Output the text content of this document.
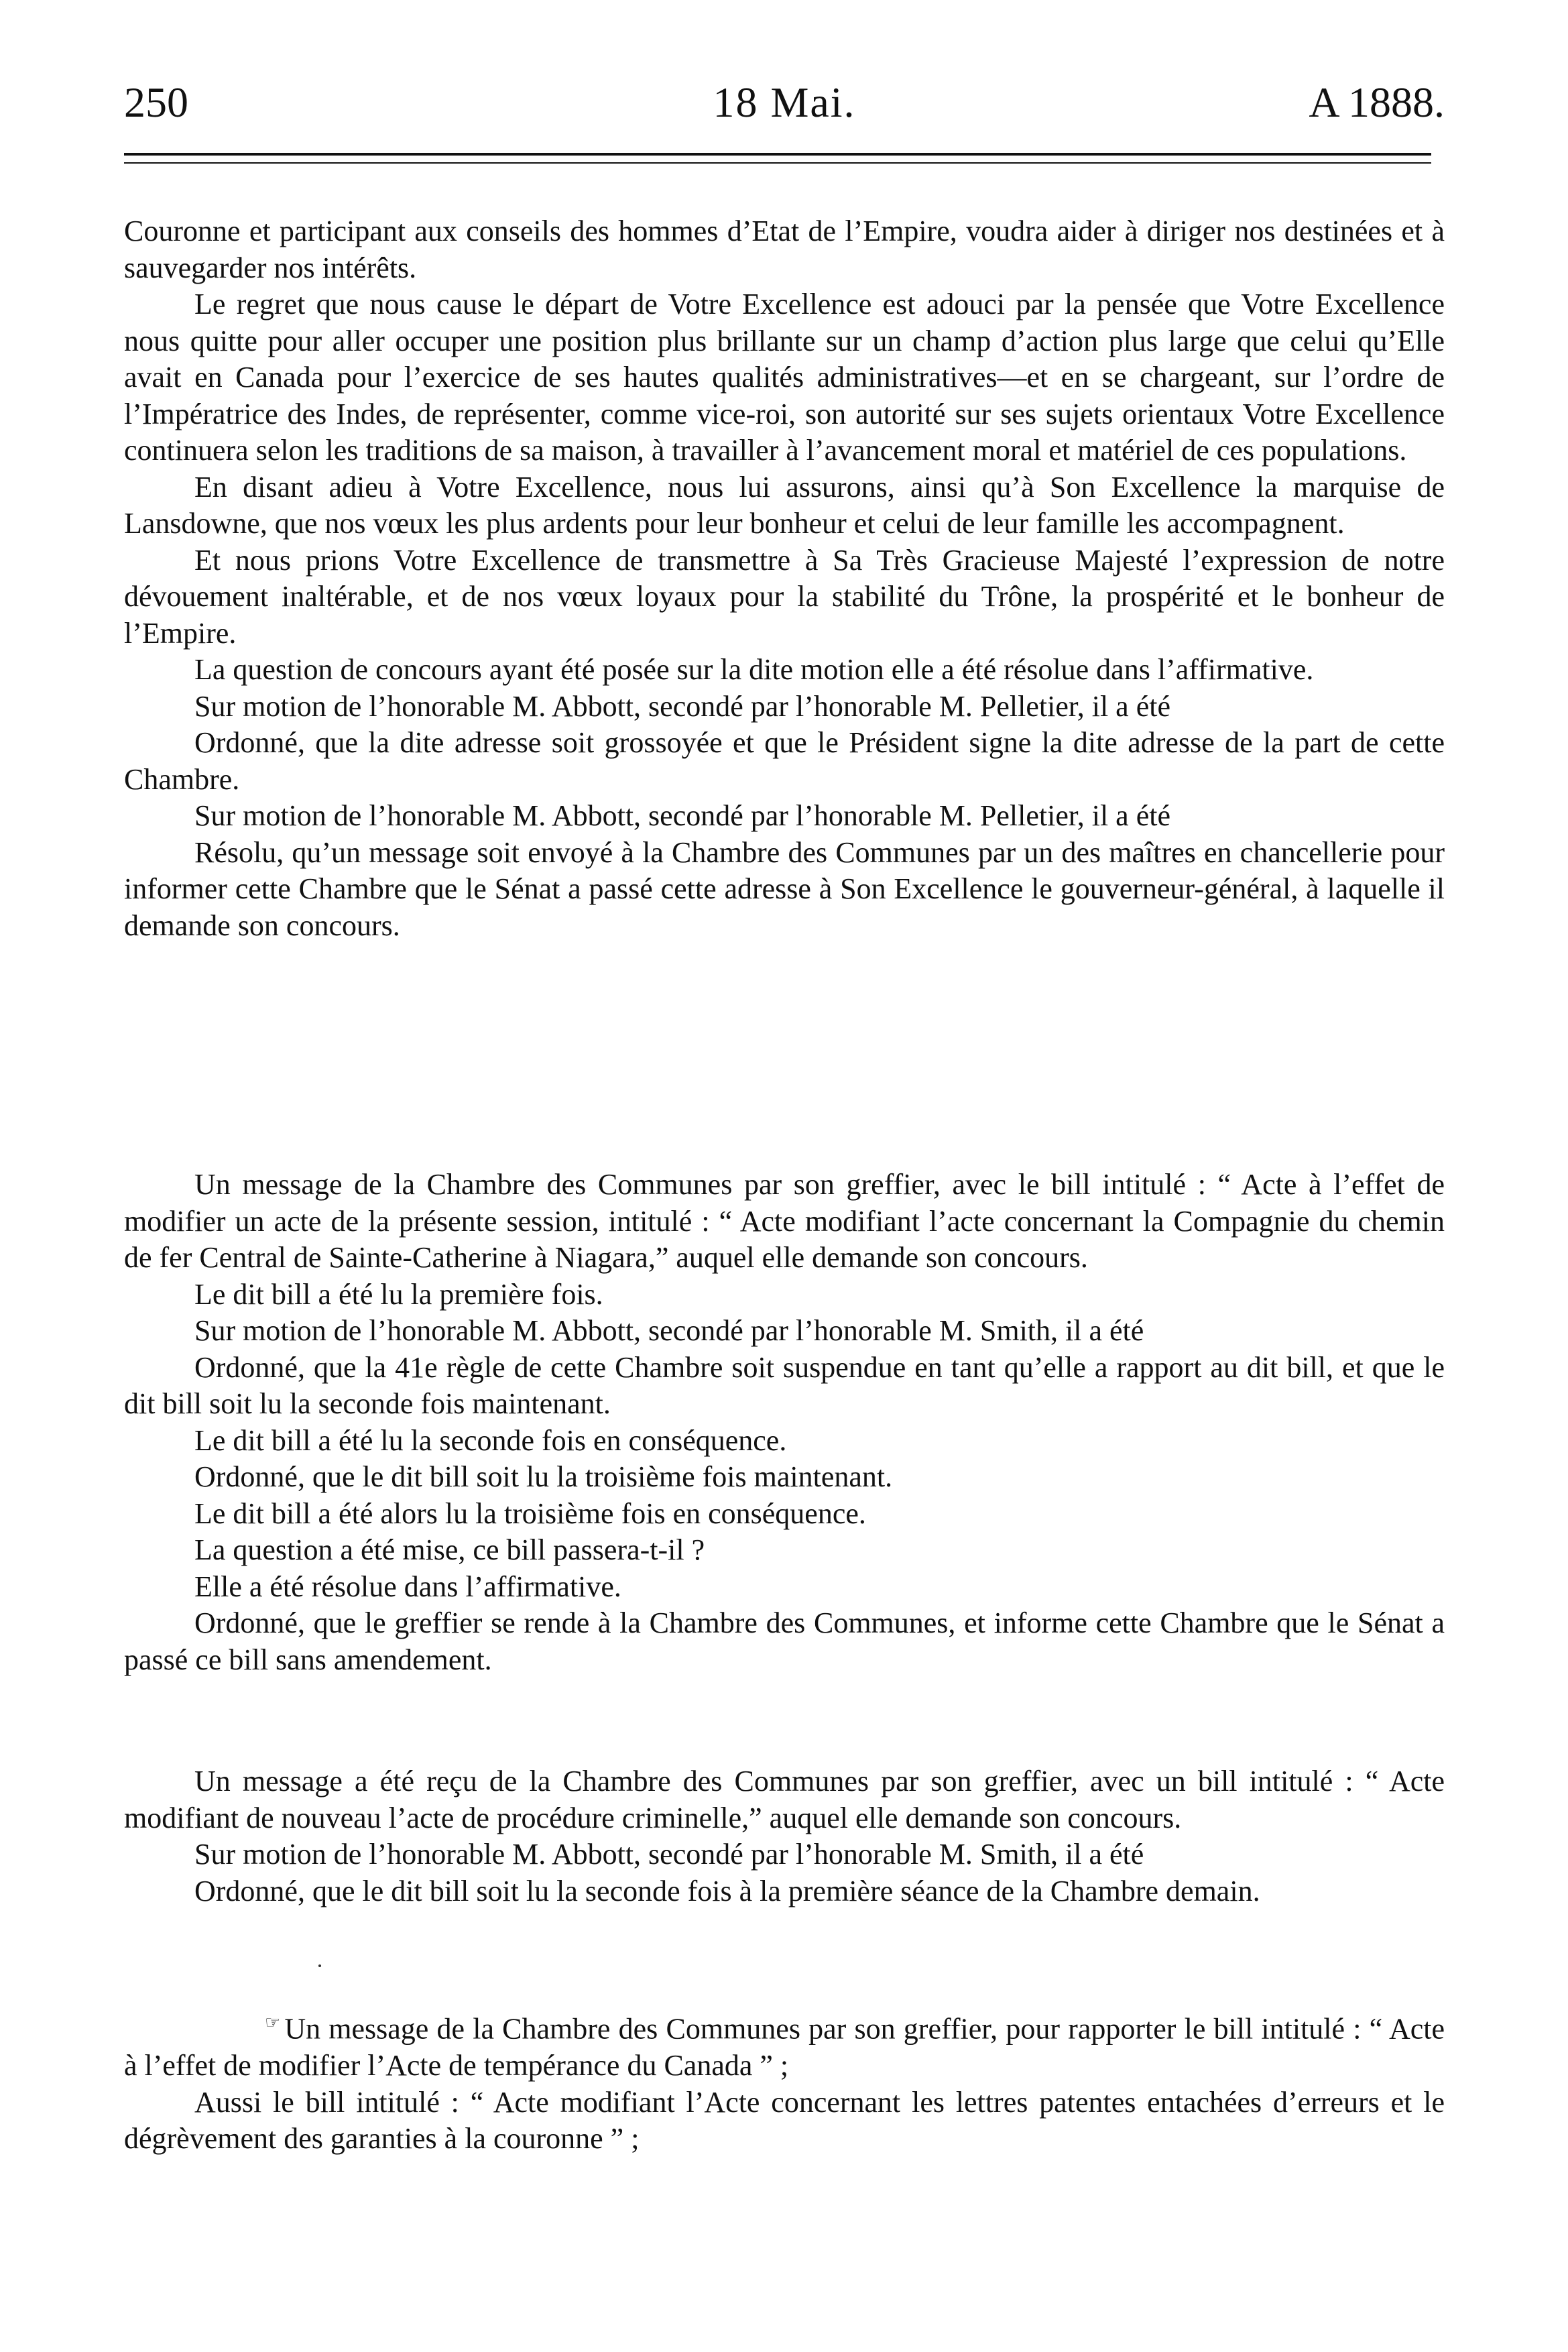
250	18 Mai.	A 1888.

Couronne et participant aux conseils des hommes d’Etat de l’Empire, voudra aider à diriger nos destinées et à sauvegarder nos intérêts.

Le regret que nous cause le départ de Votre Excellence est adouci par la pensée que Votre Excellence nous quitte pour aller occuper une position plus brillante sur un champ d’action plus large que celui qu’Elle avait en Canada pour l’exercice de ses hautes qualités administratives—et en se chargeant, sur l’ordre de l’Impératrice des Indes, de représenter, comme vice-roi, son autorité sur ses sujets orientaux Votre Excellence continuera selon les traditions de sa maison, à travailler à l’avancement moral et matériel de ces populations.

En disant adieu à Votre Excellence, nous lui assurons, ainsi qu’à Son Excellence la marquise de Lansdowne, que nos vœux les plus ardents pour leur bonheur et celui de leur famille les accompagnent.

Et nous prions Votre Excellence de transmettre à Sa Très Gracieuse Majesté l’expression de notre dévouement inaltérable, et de nos vœux loyaux pour la stabilité du Trône, la prospérité et le bonheur de l’Empire.

La question de concours ayant été posée sur la dite motion elle a été résolue dans l’affirmative.

Sur motion de l’honorable M. Abbott, secondé par l’honorable M. Pelletier, il a été

Ordonné, que la dite adresse soit grossoyée et que le Président signe la dite adresse de la part de cette Chambre.

Sur motion de l’honorable M. Abbott, secondé par l’honorable M. Pelletier, il a été

Résolu, qu’un message soit envoyé à la Chambre des Communes par un des maîtres en chancellerie pour informer cette Chambre que le Sénat a passé cette adresse à Son Excellence le gouverneur-général, à laquelle il demande son concours.

Un message de la Chambre des Communes par son greffier, avec le bill intitulé : “ Acte à l’effet de modifier un acte de la présente session, intitulé : “ Acte modifiant l’acte concernant la Compagnie du chemin de fer Central de Sainte-Catherine à Niagara,” auquel elle demande son concours.

Le dit bill a été lu la première fois.

Sur motion de l’honorable M. Abbott, secondé par l’honorable M. Smith, il a été

Ordonné, que la 41e règle de cette Chambre soit suspendue en tant qu’elle a rapport au dit bill, et que le dit bill soit lu la seconde fois maintenant.

Le dit bill a été lu la seconde fois en conséquence.

Ordonné, que le dit bill soit lu la troisième fois maintenant.

Le dit bill a été alors lu la troisième fois en conséquence.

La question a été mise, ce bill passera-t-il ?

Elle a été résolue dans l’affirmative.

Ordonné, que le greffier se rende à la Chambre des Communes, et informe cette Chambre que le Sénat a passé ce bill sans amendement.

Un message a été reçu de la Chambre des Communes par son greffier, avec un bill intitulé : “ Acte modifiant de nouveau l’acte de procédure criminelle,” auquel elle demande son concours.

Sur motion de l’honorable M. Abbott, secondé par l’honorable M. Smith, il a été

Ordonné, que le dit bill soit lu la seconde fois à la première séance de la Chambre demain.

☞ Un message de la Chambre des Communes par son greffier, pour rapporter le bill intitulé : “ Acte à l’effet de modifier l’Acte de tempérance du Canada ” ;

Aussi le bill intitulé : “ Acte modifiant l’Acte concernant les lettres patentes entachées d’erreurs et le dégrèvement des garanties à la couronne ” ;
